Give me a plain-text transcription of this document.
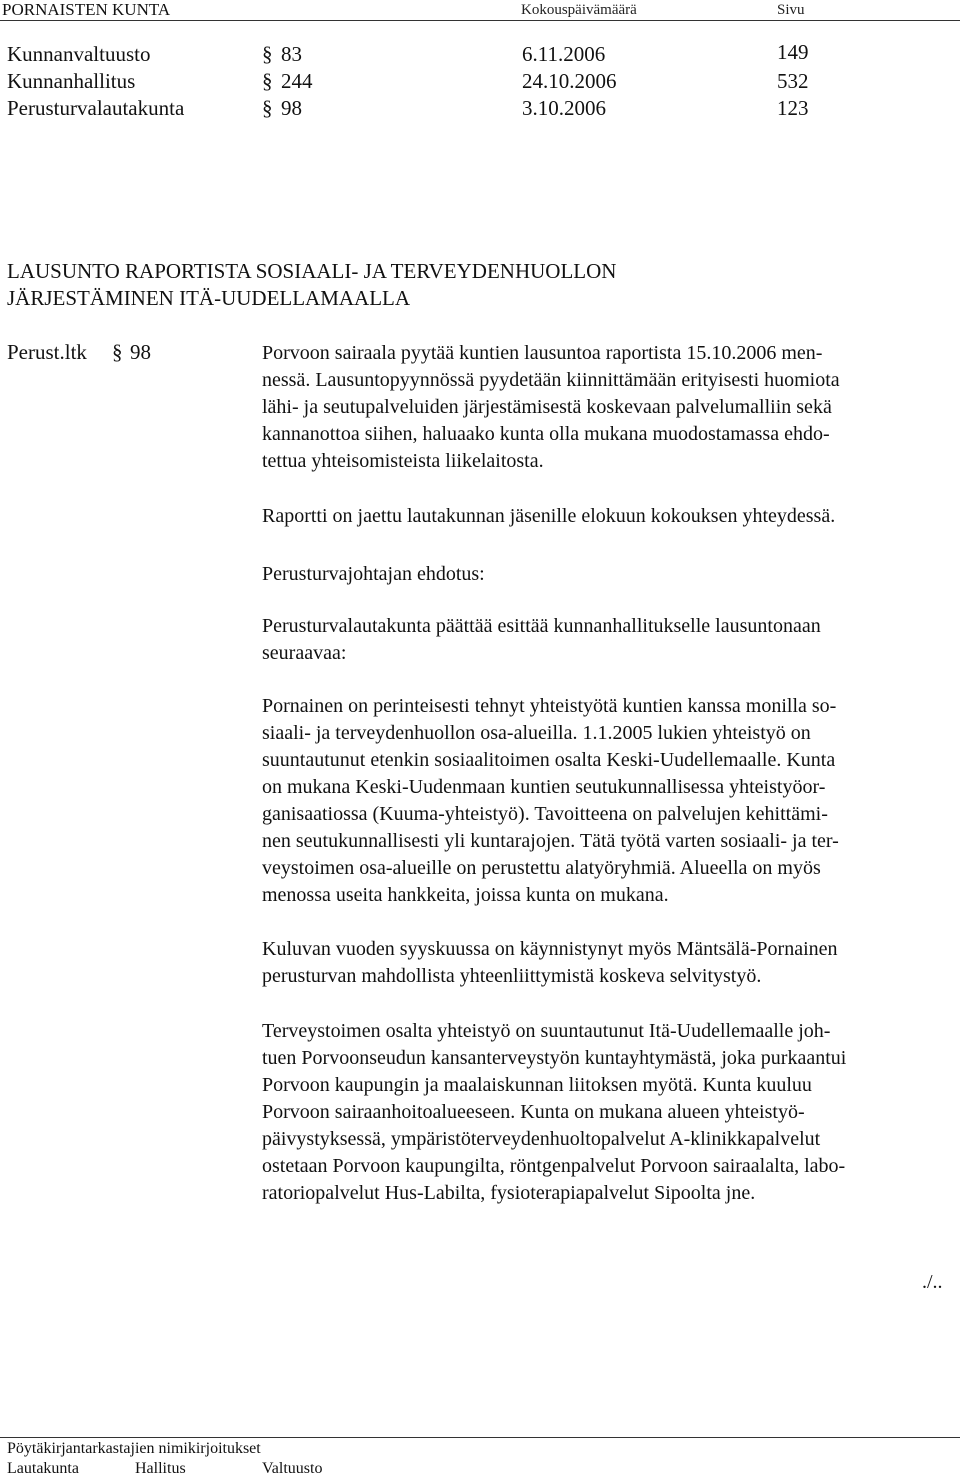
PORNAISTEN KUNTA	Kokouspäivämäärä	Sivu
Kunnanvaltuusto	§ 83	6.11.2006	149
Kunnanhallitus	§ 244	24.10.2006	532
Perusturvalautakunta	§ 98	3.10.2006	123
LAUSUNTO RAPORTISTA SOSIAALI- JA TERVEYDENHUOLLON
JÄRJESTÄMINEN ITÄ-UUDELLAMAALLA
Perust.ltk § 98	Porvoon sairaala pyytää kuntien lausuntoa raportista 15.10.2006 men-

nessä. Lausuntopyynnössä pyydetään kiinnittämään erityisesti huomiota

lähi- ja seutupalveluiden järjestämisestä koskevaan palvelumalliin sekä

kannanottoa siihen, haluaako kunta olla mukana muodostamassa ehdo-

tettua yhteisomisteista liikelaitosta.

Raportti on jaettu lautakunnan jäsenille elokuun kokouksen yhteydessä.

Perusturvajohtajan ehdotus:

Perusturvalautakunta päättää esittää kunnanhallitukselle lausuntonaan

seuraavaa:

Pornainen on perinteisesti tehnyt yhteistyötä kuntien kanssa monilla so-

siaali- ja terveydenhuollon osa-alueilla. 1.1.2005 lukien yhteistyö on

suuntautunut etenkin sosiaalitoimen osalta Keski-Uudellemaalle. Kunta

on mukana Keski-Uudenmaan kuntien seutukunnallisessa yhteistyöor-

ganisaatiossa (Kuuma-yhteistyö). Tavoitteena on palvelujen kehittämi-

nen seutukunnallisesti yli kuntarajojen. Tätä työtä varten sosiaali- ja ter-

veystoimen osa-alueille on perustettu alatyöryhmiä. Alueella on myös

menossa useita hankkeita, joissa kunta on mukana.

Kuluvan vuoden syyskuussa on käynnistynyt myös Mäntsälä-Pornainen

perusturvan mahdollista yhteenliittymistä koskeva selvitystyö.

Terveystoimen osalta yhteistyö on suuntautunut Itä-Uudellemaalle joh-

tuen Porvoonseudun kansanterveystyön kuntayhtymästä, joka purkaantui

Porvoon kaupungin ja maalaiskunnan liitoksen myötä. Kunta kuuluu

Porvoon sairaanhoitoalueeseen. Kunta on mukana alueen yhteistyö-

päivystyksessä, ympäristöterveydenhuoltopalvelut A-klinikkapalvelut

ostetaan Porvoon kaupungilta, röntgenpalvelut Porvoon sairaalalta, labo-

ratoriopalvelut Hus-Labilta, fysioterapiapalvelut Sipoolta jne.

./..
Pöytäkirjantarkastajien nimikirjoitukset
Lautakunta	Hallitus	Valtuusto
